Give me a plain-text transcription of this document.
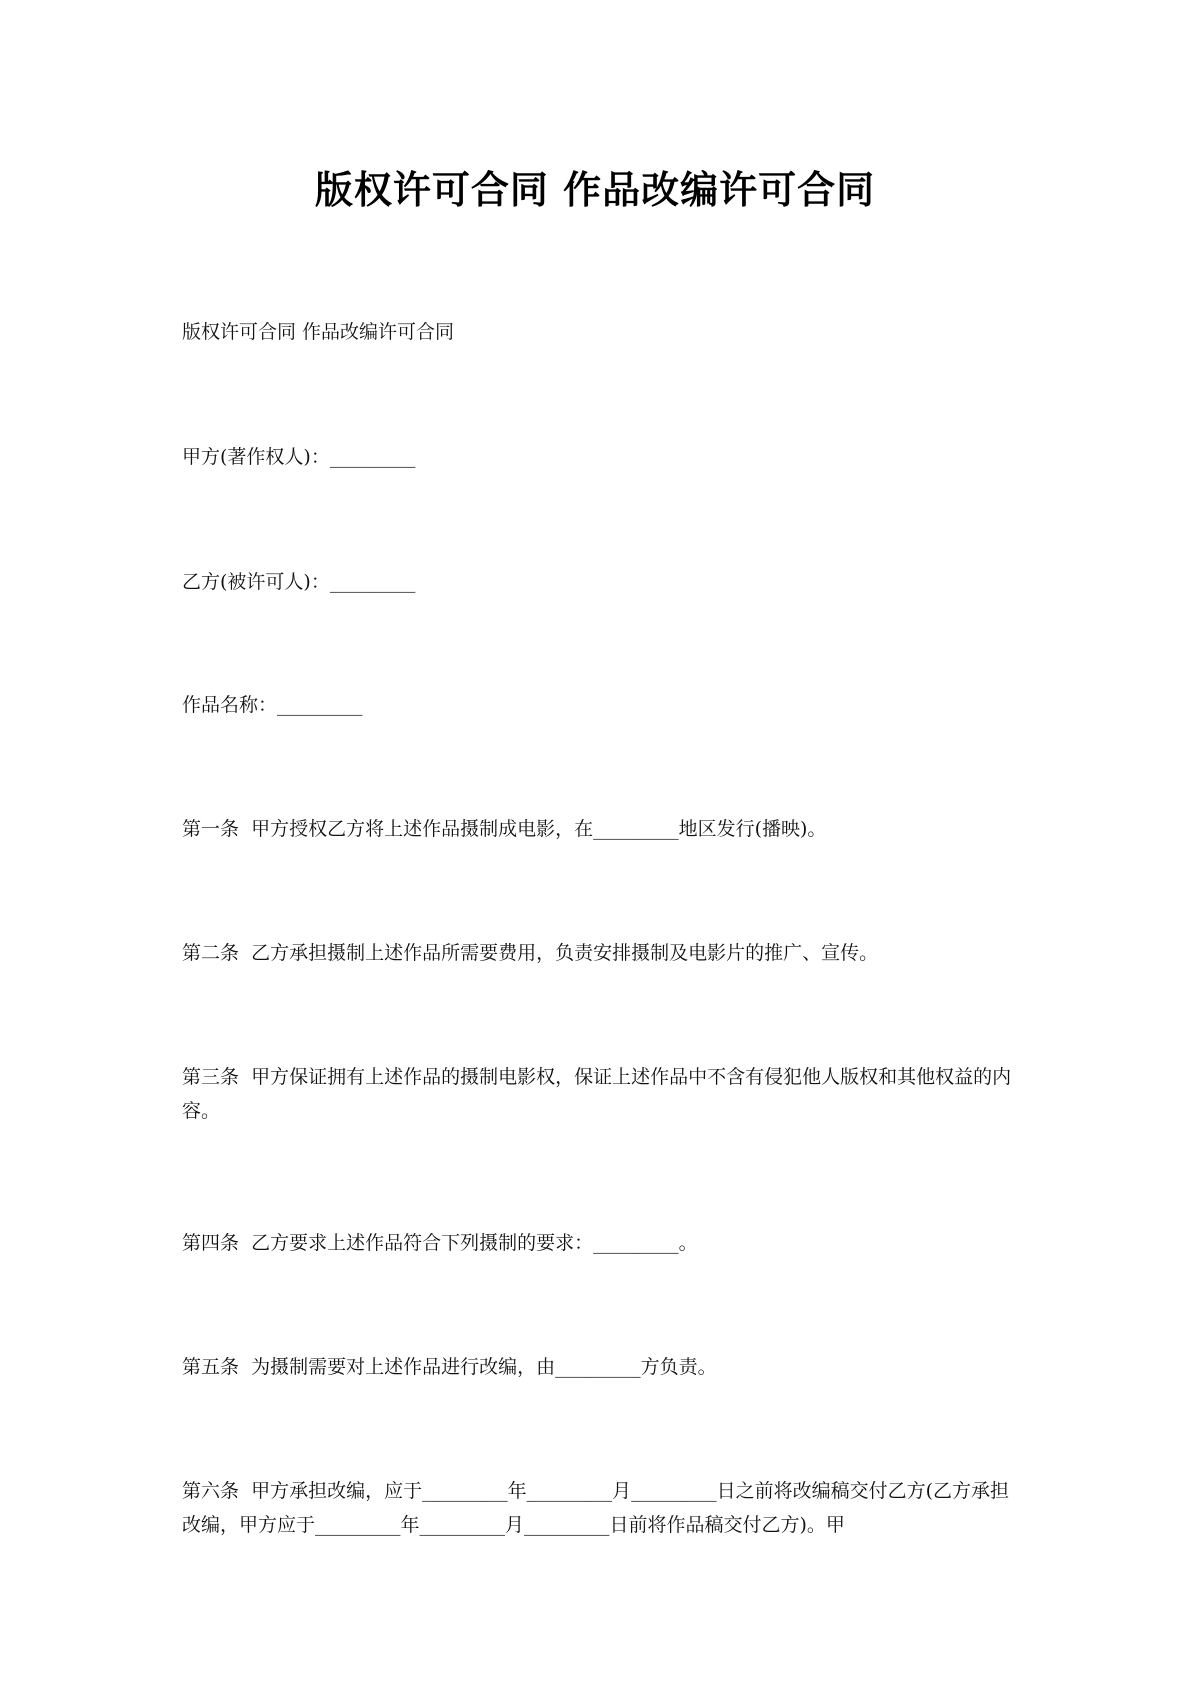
版权许可合同 作品改编许可合同
版权许可合同 作品改编许可合同
甲方(著作权人)：_________
乙方(被许可人)：_________
作品名称：_________
第一条  甲方授权乙方将上述作品摄制成电影，在_________地区发行(播映)。
第二条  乙方承担摄制上述作品所需要费用，负责安排摄制及电影片的推广、宣传。
第三条  甲方保证拥有上述作品的摄制电影权，保证上述作品中不含有侵犯他人版权和其他权益的内容。
第四条  乙方要求上述作品符合下列摄制的要求：_________。
第五条  为摄制需要对上述作品进行改编，由_________方负责。
第六条  甲方承担改编，应于_________年_________月_________日之前将改编稿交付乙方(乙方承担改编，甲方应于_________年_________月_________日前将作品稿交付乙方)。甲
